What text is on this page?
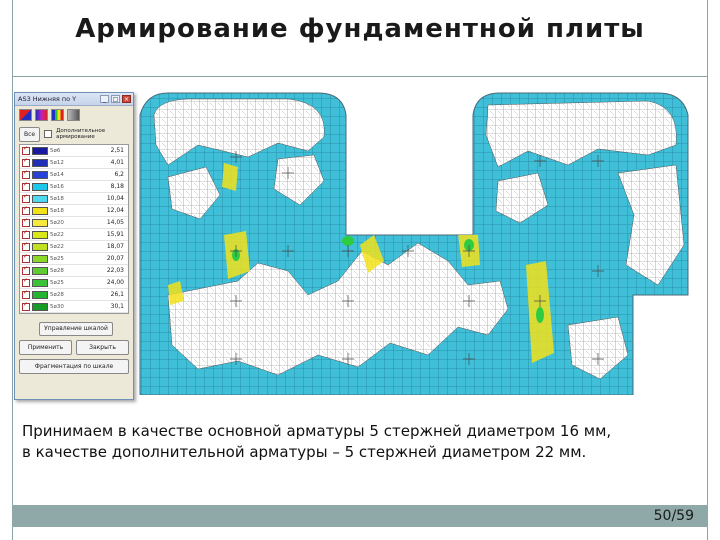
Армирование фундаментной плиты
AS3 Нижняя по Y	_	□ ×
Все	Дополнительное армирование
✓
5ø6	2,51
✓
5ø12	4,01
✓
5ø14	6,2
✓
5ø16	8,18
✓
5ø18	10,04
✓
5ø18	12,04
✓
5ø20	14,05
✓
5ø22	15,91
✓
5ø22	18,07
✓
5ø25	20,07
✓
5ø28	22,03
✓
5ø25	24,00
✓
5ø28	26,1
✓
5ø30	30,1
Управление шкалой
Применить	Закрыть
Фрагментация по шкале
Принимаем в качестве основной арматуры 5 стержней диаметром 16 мм,
в качестве дополнительной арматуры – 5 стержней диаметром 22 мм.
50/59
